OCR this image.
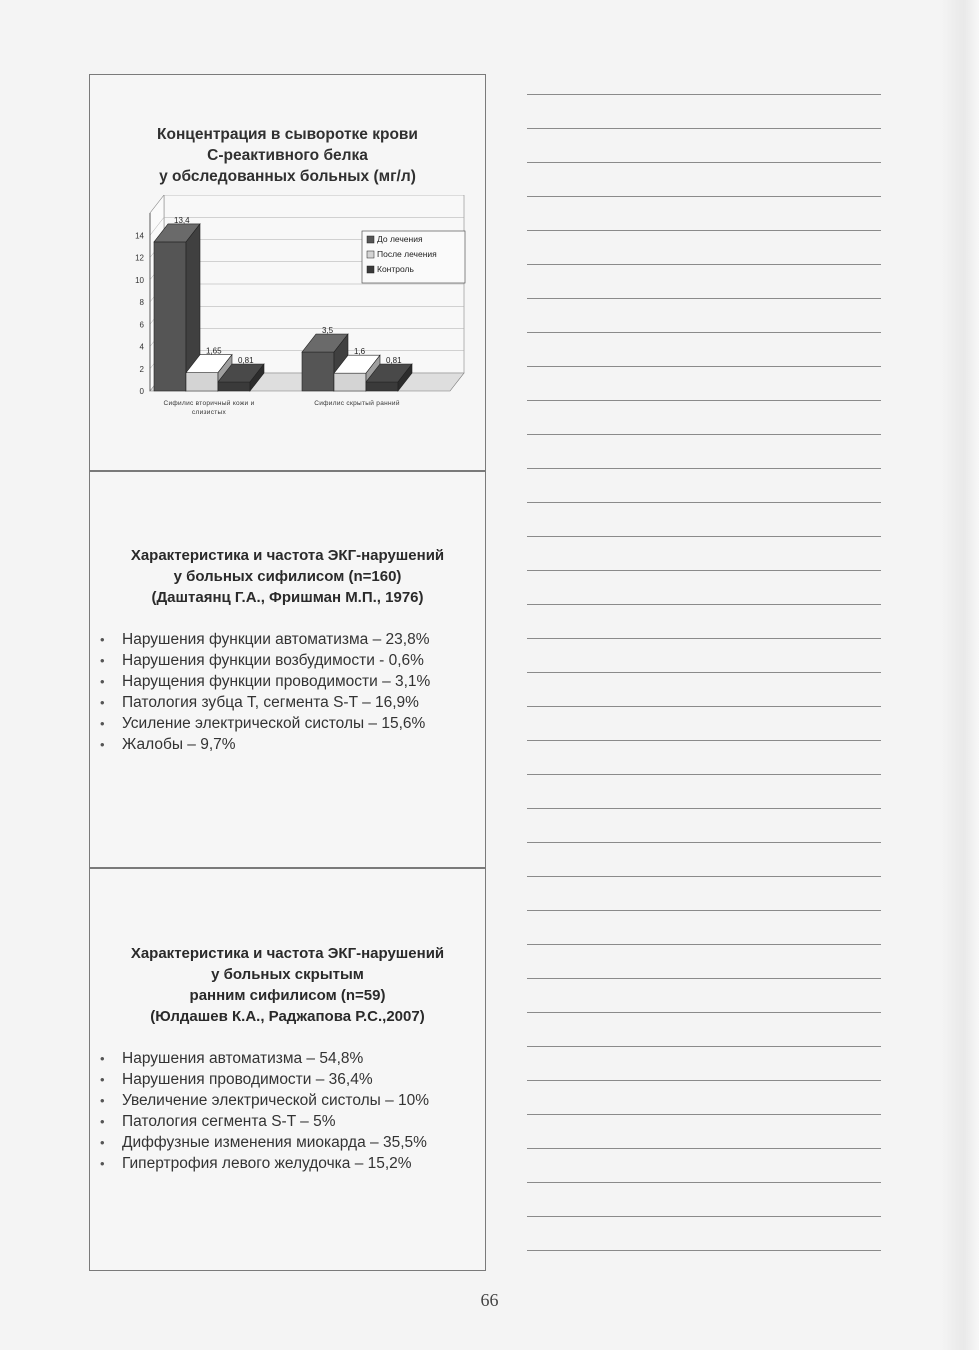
Концентрация в сыворотке крови
С-реактивного белка
у обследованных больных (мг/л)
0
2
4
6
8
10
12
14
13,4
1,65
0,81
3,5
1,6
0,81
Сифилис вторичный кожи и слизистых
Сифилис скрытый ранний
До лечения
После лечения
Контроль
Характеристика и частота ЭКГ-нарушений
у больных сифилисом (n=160)
(Даштаянц Г.А., Фришман М.П., 1976)
• Нарушения функции автоматизма – 23,8%
• Нарушения функции возбудимости - 0,6%
• Нарущения функции проводимости – 3,1%
• Патология зубца Т, сегмента S-T – 16,9%
• Усиление электрической систолы – 15,6%
• Жалобы – 9,7%
Характеристика и частота ЭКГ-нарушений
у больных скрытым
ранним сифилисом (n=59)
(Юлдашев К.А., Раджапова Р.С.,2007)
• Нарушения автоматизма – 54,8%
• Нарушения проводимости – 36,4%
• Увеличение электрической систолы – 10%
• Патология сегмента S-T – 5%
• Диффузные изменения миокарда – 35,5%
• Гипертрофия левого желудочка – 15,2%
66
